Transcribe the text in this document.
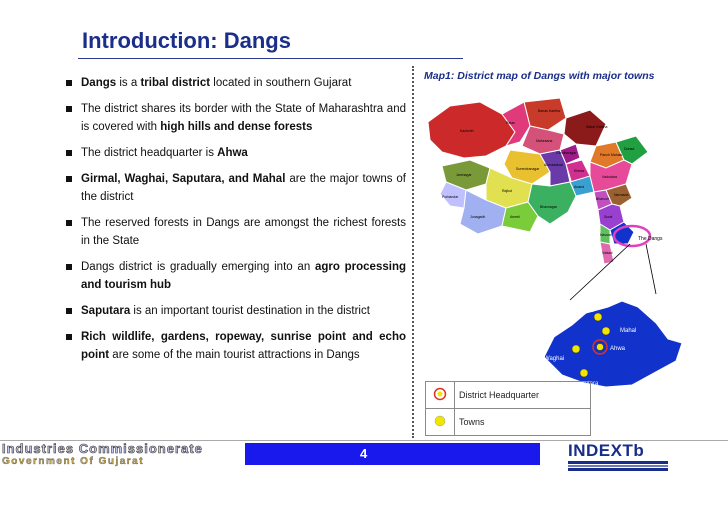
Introduction: Dangs

Dangs is a tribal district located in southern Gujarat

The district shares its border with the State of Maharashtra and is covered with high hills and dense forests

The district headquarter is Ahwa

Girmal, Waghai, Saputara, and Mahal are the major towns of the district

The reserved forests in Dangs are amongst the richest forests in the State

Dangs district is gradually emerging into an agro processing and tourism hub

Saputara is an important tourist destination in the district

Rich wildlife, gardens, ropeway, sunrise point and echo point are some of the main tourist attractions in Dangs

Map1: District map of Dangs with major towns
The Dangs
Banas Kantha
Patan
Kachchh
Mahesana
Sabar Kantha
Gandhinagar
Ahmadabad
Rajkot
Jamnagar
Porbandar
Junagadh	Amreli
Bhavnagar
Surendranagar	Kheda
Anand
Panch Mahals
Dohad
Vadodara
Bharuch
Narmada
Surat
Navsari
Valsad
Girmal
Mahal
Ahwa
Waghai
Saputara
	District Headquarter
	Towns
4
Industries Commissionerate
Government Of Gujarat
INDEXTb
